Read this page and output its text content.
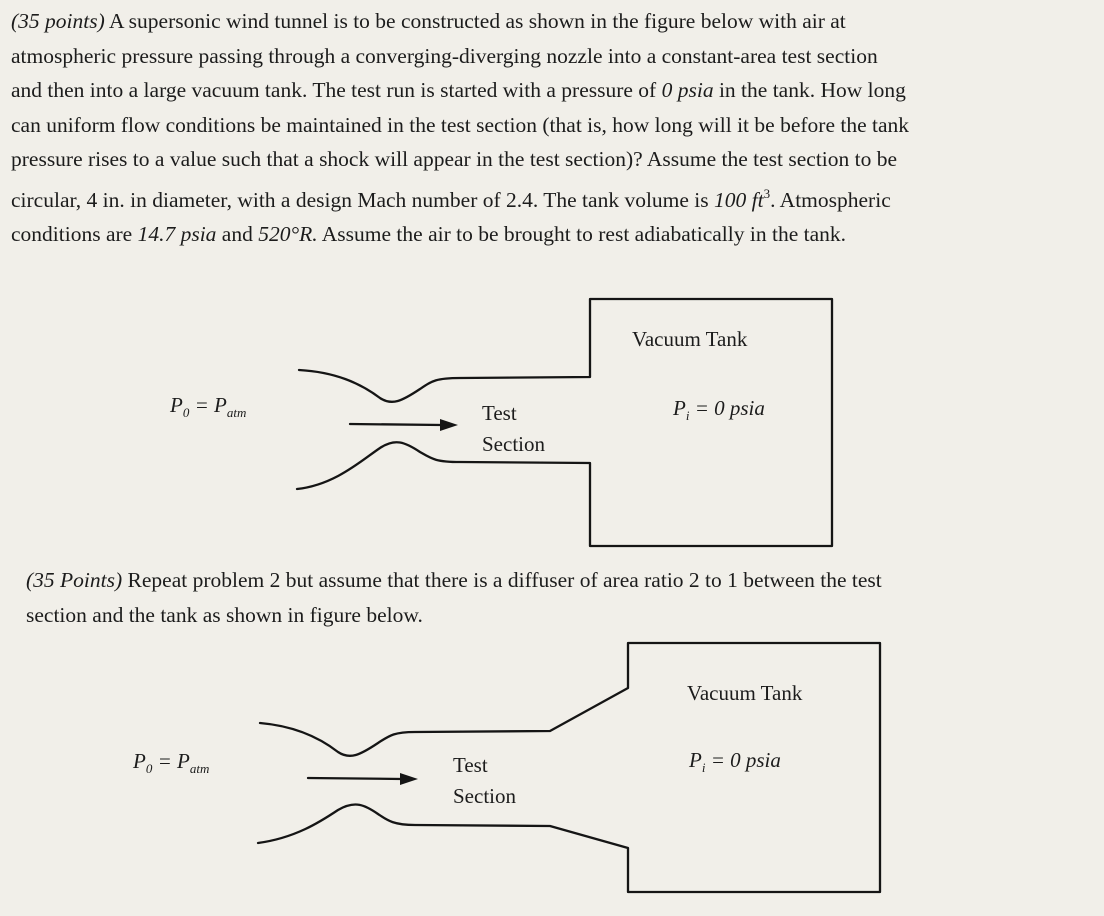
(35 points) A supersonic wind tunnel is to be constructed as shown in the figure below with air at
atmospheric pressure passing through a converging-diverging nozzle into a constant-area test section
and then into a large vacuum tank. The test run is started with a pressure of 0 psia in the tank. How long
can uniform flow conditions be maintained in the test section (that is, how long will it be before the tank
pressure rises to a value such that a shock will appear in the test section)? Assume the test section to be
circular, 4 in. in diameter, with a design Mach number of 2.4. The tank volume is 100 $ft^3$. Atmospheric
conditions are 14.7 psia and 520°R. Assume the air to be brought to rest adiabatically in the tank.
$P_0 = P_{atm}$	Test
Section
Vacuum Tank
$P_i = 0$ psia
(35 Points) Repeat problem 2 but assume that there is a diffuser of area ratio 2 to 1 between the test
section and the tank as shown in figure below.
$P_0 = P_{atm}$	Test
Section
Vacuum Tank
$P_i = 0$ psia
